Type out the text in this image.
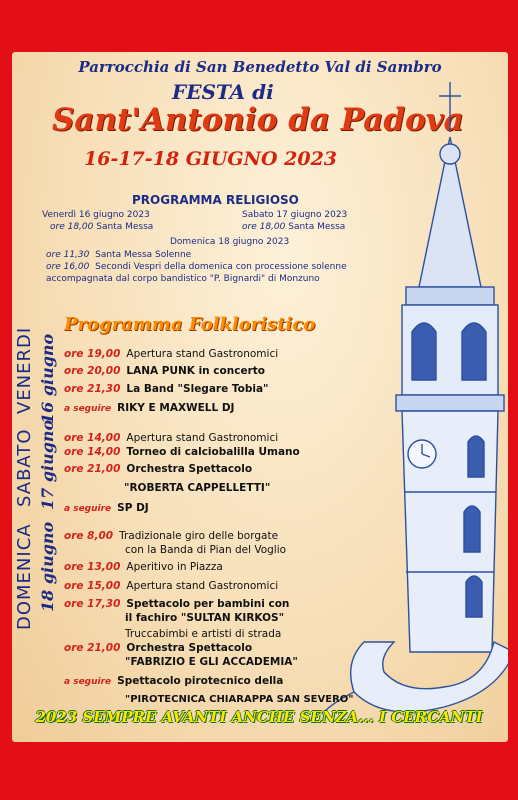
Parrocchia di San Benedetto Val di Sambro
FESTA di
Sant'Antonio da Padova
16-17-18 GIUGNO 2023
PROGRAMMA RELIGIOSO
Venerdì 16 giugno 2023
ore 18,00 Santa Messa
Sabato 17 giugno 2023
ore 18,00 Santa Messa
Domenica 18 giugno 2023
ore 11,30 Santa Messa Solenne
ore 16,00 Secondi Vespri della domenica con processione solenne
accompagnata dal corpo bandistico "P. Bignardi" di Monzuno
Programma Folkloristico
VENERDI 16 giugno ore 19,00 Apertura stand Gastronomici
ore 20,00 LANA PUNK in concerto
ore 21,30 La Band "Slegare Tobia"
a seguire RIKY E MAXWELL DJ
SABATO 17 giugno ore 14,00 Apertura stand Gastronomici
ore 14,00 Torneo di calciobalilla Umano
ore 21,00 Orchestra Spettacolo
"ROBERTA CAPPELLETTI"
a seguire SP DJ
DOMENICA 18 giugno ore 8,00 Tradizionale giro delle borgate
con la Banda di Pian del Voglio
ore 13,00 Aperitivo in Piazza
ore 15,00 Apertura stand Gastronomici
ore 17,30 Spettacolo per bambini con
il fachiro "SULTAN KIRKOS"
Truccabimbi e artisti di strada
ore 21,00 Orchestra Spettacolo
"FABRIZIO E GLI ACCADEMIA"
a seguire Spettacolo pirotecnico della
"PIROTECNICA CHIARAPPA SAN SEVERO"
2023 SEMPRE AVANTI ANCHE SENZA... I CERCANTI
